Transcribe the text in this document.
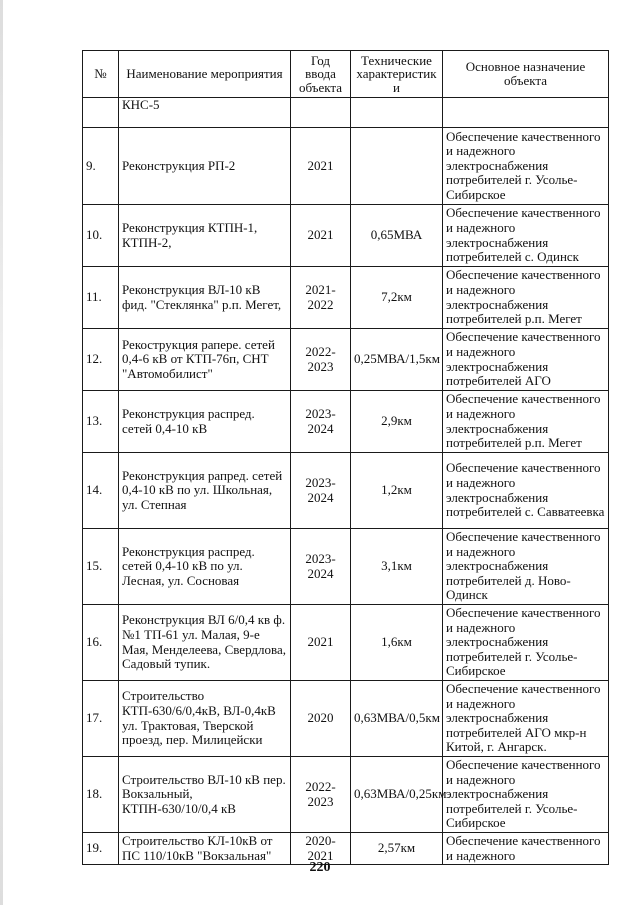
№	Наименование мероприятия	Год ввода объекта	Технические характеристик и	Основное назначение объекта
	КНС-5			
9.	Реконструкция РП-2	2021		Обеспечение качественного и надежного электроснабжения потребителей г. Усолье-Сибирское
10.	Реконструкция КТПН-1, КТПН-2,	2021	0,65МВА	Обеспечение качественного и надежного электроснабжения потребителей с. Одинск
11.	Реконструкция ВЛ-10 кВ фид. "Стеклянка" р.п. Мегет,	2021-2022	7,2км	Обеспечение качественного и надежного электроснабжения потребителей р.п. Мегет
12.	Рекострукция рапере. сетей 0,4-6 кВ от КТП-76п, СНТ "Автомобилист"	2022-2023	0,25МВА/1,5км	Обеспечение качественного и надежного электроснабжения потребителей АГО
13.	Реконструкция распред. сетей 0,4-10 кВ	2023-2024	2,9км	Обеспечение качественного и надежного электроснабжения потребителей р.п. Мегет
14.	Реконструкция рапред. сетей 0,4-10 кВ по ул. Школьная, ул. Степная	2023-2024	1,2км	Обеспечение качественного и надежного электроснабжения потребителей с. Савватеевка
15.	Реконструкция распред. сетей 0,4-10 кВ по ул. Лесная, ул. Сосновая	2023-2024	3,1км	Обеспечение качественного и надежного электроснабжения потребителей д. Ново-Одинск
16.	Реконструкция ВЛ 6/0,4 кв ф.№1 ТП-61 ул. Малая, 9-е Мая, Менделеева, Свердлова, Садовый тупик.	2021	1,6км	Обеспечение качественного и надежного электроснабжения потребителей г. Усолье-Сибирское
17.	Строительство КТП-630/6/0,4кВ, ВЛ-0,4кВ ул. Трактовая, Тверской проезд, пер. Милицейски	2020	0,63МВА/0,5км	Обеспечение качественного и надежного электроснабжения потребителей АГО мкр-н Китой, г. Ангарск.
18.	Строительство ВЛ-10 кВ пер. Вокзальный, КТПН-630/10/0,4 кВ	2022-2023	0,63МВА/0,25км	Обеспечение качественного и надежного электроснабжения потребителей г. Усолье-Сибирское
19.	Строительство КЛ-10кВ от ПС 110/10кВ "Вокзальная"	2020-2021	2,57км	Обеспечение качественного и надежного
220
